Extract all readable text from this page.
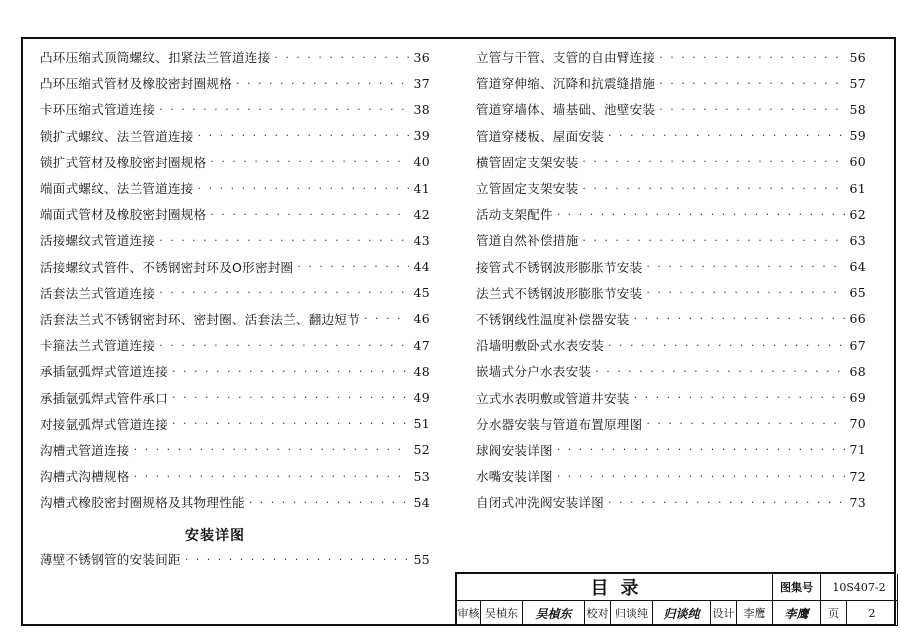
凸环压缩式顶筒螺纹、扣紧法兰管道连接 · · ·	36
凸环压缩式管材及橡胶密封圈规格 · · ·	37
卡环压缩式管道连接 · · ·	38
锁扩式螺纹、法兰管道连接 · · ·	39
锁扩式管材及橡胶密封圈规格 · · ·	40
端面式螺纹、法兰管道连接 · · ·	41
端面式管材及橡胶密封圈规格 · · ·	42
活接螺纹式管道连接 · · ·	43
活接螺纹式管件、不锈钢密封环及O形密封圈 · · ·	44
活套法兰式管道连接 · · ·	45
活套法兰式不锈钢密封环、密封圈、活套法兰、翻边短节 · · ·	46
卡箍法兰式管道连接 · · ·	47
承插氩弧焊式管道连接 · · ·	48
承插氩弧焊式管件承口 · · ·	49
对接氩弧焊式管道连接 · · ·	51
沟槽式管道连接 · · ·	52
沟槽式沟槽规格 · · ·	53
沟槽式橡胶密封圈规格及其物理性能 · · ·	54
立管与干管、支管的自由臂连接 · · ·	56
管道穿伸缩、沉降和抗震缝措施 · · ·	57
管道穿墙体、墙基础、池壁安装 · · ·	58
管道穿楼板、屋面安装 · · ·	59
横管固定支架安装 · · ·	60
立管固定支架安装 · · ·	61
活动支架配件 · · ·	62
管道自然补偿措施 · · ·	63
接管式不锈钢波形膨胀节安装 · · ·	64
法兰式不锈钢波形膨胀节安装 · · ·	65
不锈钢线性温度补偿器安装 · · ·	66
沿墙明敷卧式水表安装 · · ·	67
嵌墙式分户水表安装 · · ·	68
立式水表明敷或管道井安装 · · ·	69
分水器安装与管道布置原理图 · · ·	70
球阀安装详图 · · ·	71
水嘴安装详图 · · ·	72
自闭式冲洗阀安装详图 · · ·	73
安装详图
薄壁不锈钢管的安装间距 · · ·	55
目录	图集号	10S407-2
审核 吴楨东	吴楨东	校对 归谈纯	归谈纯	设计 李鹰	李鹰	页	2
